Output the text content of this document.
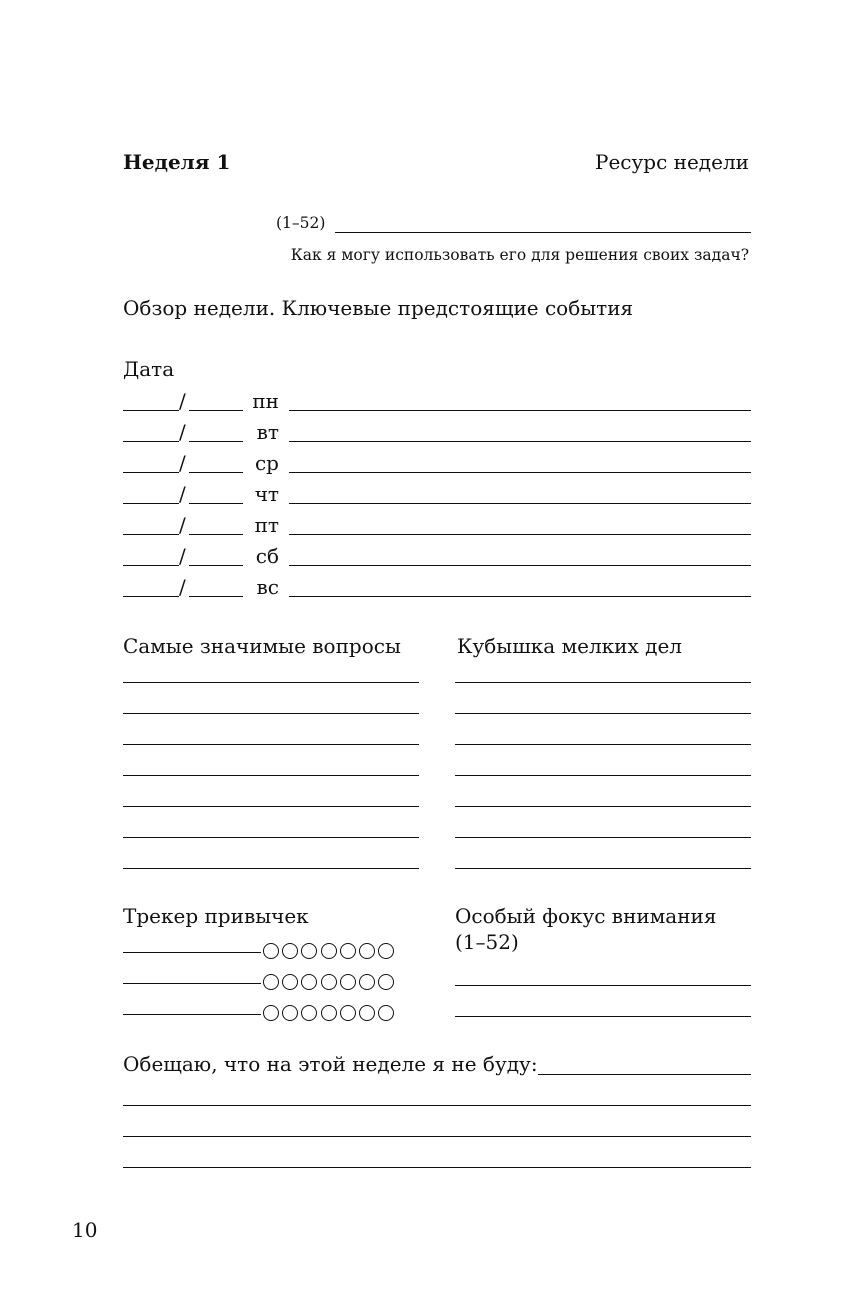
Неделя 1	Ресурс недели
(1–52)
Как я могу использовать его для решения своих задач?
Обзор недели. Ключевые предстоящие события
Дата
/	пн
/	вт
/	ср
/	чт
/	пт
/	сб
/	вс
Самые значимые вопросы	Кубышка мелких дел
Трекер привычек	Особый фокус внимания
(1–52)
Обещаю, что на этой неделе я не буду:
10
